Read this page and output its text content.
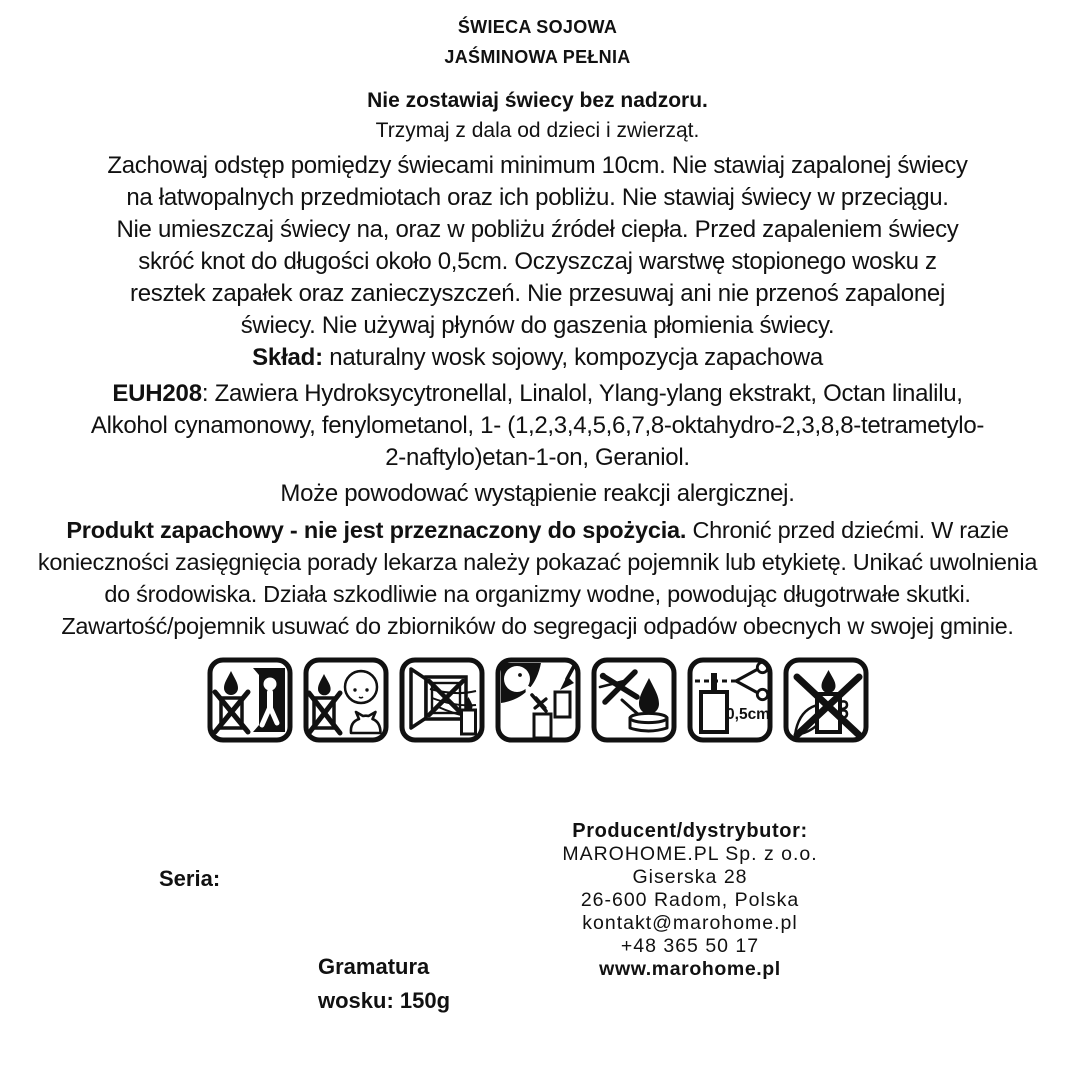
ŚWIECA SOJOWA
JAŚMINOWA PEŁNIA
Nie zostawiaj świecy bez nadzoru.
Trzymaj z dala od dzieci i zwierząt.
Zachowaj odstęp pomiędzy świecami minimum 10cm. Nie stawiaj zapalonej świecy na łatwopalnych przedmiotach oraz ich pobliżu. Nie stawiaj świecy w przeciągu. Nie umieszczaj świecy na, oraz w pobliżu źródeł ciepła. Przed zapaleniem świecy skróć knot do długości około 0,5cm. Oczyszczaj warstwę stopionego wosku z resztek zapałek oraz zanieczyszczeń. Nie przesuwaj ani nie przenoś zapalonej świecy. Nie używaj płynów do gaszenia płomienia świecy.
Skład: naturalny wosk sojowy, kompozycja zapachowa
EUH208: Zawiera Hydroksycytronellal, Linalol, Ylang-ylang ekstrakt, Octan linalilu, Alkohol cynamonowy, fenylometanol, 1- (1,2,3,4,5,6,7,8-oktahydro-2,3,8,8-tetrametylo-2-naftylo)etan-1-on, Geraniol.
Może powodować wystąpienie reakcji alergicznej.
Produkt zapachowy - nie jest przeznaczony do spożycia. Chronić przed dziećmi. W razie konieczności zasięgnięcia porady lekarza należy pokazać pojemnik lub etykietę. Unikać uwolnienia do środowiska. Działa szkodliwie na organizmy wodne, powodując długotrwałe skutki. Zawartość/pojemnik usuwać do zbiorników do segregacji odpadów obecnych w swojej gminie.
0,5cm
Seria:
Producent/dystrybutor:
MAROHOME.PL Sp. z o.o.
Giserska 28
26-600 Radom, Polska
kontakt@marohome.pl
+48 365 50 17
www.marohome.pl
Gramatura
wosku: 150g
